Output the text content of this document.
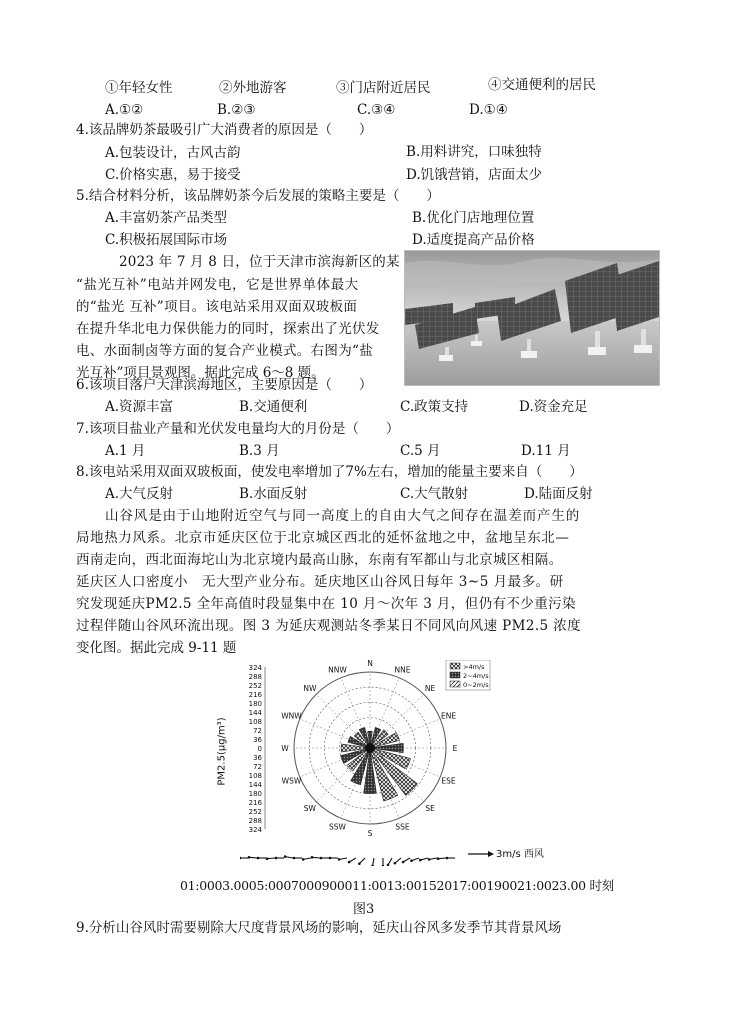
①年轻女性	②外地游客	③门店附近居民	④交通便利的居民
A.①②	B.②③	C.③④	D.①④
4.该品牌奶茶最吸引广大消费者的原因是（　　）
A.包装设计，古风古韵	B.用料讲究，口味独特
C.价格实惠，易于接受	D.饥饿营销，店面太少
5.结合材料分析，该品牌奶茶今后发展的策略主要是（　　）
A.丰富奶茶产品类型	B.优化门店地理位置
C.积极拓展国际市场	D.适度提高产品价格
2023 年 7 月 8 日，位于天津市滨海新区的某
“盐光互补”电站并网发电，它是世界单体最大
的“盐光 互补”项目。该电站采用双面双玻板面
在提升华北电力保供能力的同时，探索出了光伏发
电、水面制卤等方面的复合产业模式。右图为“盐
光互补”项目景观图。据此完成 6～8 题。
6.该项目落户天津滨海地区，主要原因是（　　）
A.资源丰富	B.交通便利	C.政策支持	D.资金充足
7.该项目盐业产量和光伏发电量均大的月份是（　　）
A.1 月	B.3 月	C.5 月	D.11 月
8.该电站采用双面双玻板面，使发电率增加了7%左右，增加的能量主要来自（　　）
A.大气反射	B.水面反射	C.大气散射	D.陆面反射
山谷风是由于山地附近空气与同一高度上的自由大气之间存在温差而产生的
局地热力风系。北京市延庆区位于北京城区西北的延怀盆地之中，盆地呈东北—
西南走向，西北面海坨山为北京境内最高山脉，东南有军都山与北京城区相隔。
延庆区人口密度小　无大型产业分布。延庆地区山谷风日每年 3~5 月最多。研
究发现延庆PM2.5 全年高值时段显集中在 10 月～次年 3 月，但仍有不少重污染
过程伴随山谷风环流出现。图 3 为延庆观测站冬季某日不同风向风速 PM2.5 浓度
变化图。据此完成 9-11 题
N
NNE
NE
ENE
E
ESE
SE
SSE
S
SSW
SW
WSW
W
WNW
NW
NNW
324
288
252
216
180
144
108
72
36
0
36
72
108
144
180
216
252
288
324
>4m/s
2~4m/s
0~2m/s
PM2.5(μg/m³)
3m/s 西风
01:0003.0005:0007000900011:0013:00152017:00190021:0023.00 时刻
图3
9.分析山谷风时需要剔除大尺度背景风场的影响，延庆山谷风多发季节其背景风场
